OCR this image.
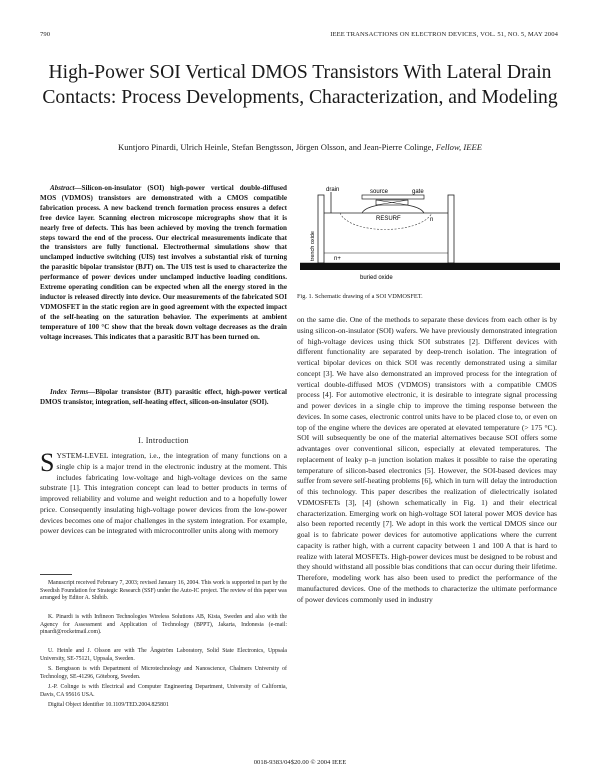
790	IEEE TRANSACTIONS ON ELECTRON DEVICES, VOL. 51, NO. 5, MAY 2004
High-Power SOI Vertical DMOS Transistors With Lateral Drain Contacts: Process Developments, Characterization, and Modeling
Kuntjoro Pinardi, Ulrich Heinle, Stefan Bengtsson, Jörgen Olsson, and Jean-Pierre Colinge, Fellow, IEEE

Abstract—Silicon-on-insulator (SOI) high-power vertical double-diffused MOS (VDMOS) transistors are demonstrated with a CMOS compatible fabrication process. A new backend trench formation process ensures a defect free device layer. Scanning electron microscope micrographs show that it is nearly free of defects. This has been achieved by moving the trench formation steps toward the end of the process. Our electrical measurements indicate that the transistors are fully functional. Electrothermal simulations show that unclamped inductive switching (UIS) test involves a substantial risk of turning the parasitic bipolar transistor (BJT) on. The UIS test is used to characterize the performance of power devices under unclamped inductive loading conditions. Extreme operating condition can be expected when all the energy stored in the inductor is released directly into device. Our measurements of the fabricated SOI VDMOSFET in the static region are in good agreement with the expected impact of the self-heating on the saturation behavior. The experiments at ambient temperature of 100 °C show that the break down voltage decreases as the drain voltage increases. This indicates that a parasitic BJT has been turned on.

Index Terms—Bipolar transistor (BJT) parasitic effect, high-power vertical DMOS transistor, integration, self-heating effect, silicon-on-insulator (SOI).

I. Introduction

SYSTEM-LEVEL integration, i.e., the integration of many functions on a single chip is a major trend in the electronic industry at the moment. This includes fabricating low-voltage and high-voltage devices on the same substrate [1]. This integration concept can lead to better products in terms of improved reliability and volume and weight reduction and to a hopefully lower price. Consequently insulating high-voltage power devices from the low-power devices becomes one of major challenges in the system integration. For example, power devices can be integrated with microcontroller units along with memory

Manuscript received February 7, 2003; revised January 16, 2004. This work is supported in part by the Swedish Foundation for Strategic Research (SSF) under the Auto-IC project. The review of this paper was arranged by Editor A. Shibib.

K. Pinardi is with Infineon Technologies Wireless Solutions AB, Kista, Sweden and also with the Agency for Assessment and Application of Technology (BPPT), Jakarta, Indonesia (e-mail: pinardi@rocketmail.com).

U. Heinle and J. Olsson are with The Ångström Laboratory, Solid State Electronics, Uppsala University, SE-75121, Uppsala, Sweden.

S. Bengtsson is with Department of Microtechnology and Nanoscience, Chalmers University of Technology, SE-41296, Göteborg, Sweden.

J.-P. Colinge is with Electrical and Computer Engineering Department, University of California, Davis, CA 95616 USA.

Digital Object Identifier 10.1109/TED.2004.825801

drain	source	gate
RESURF	n
n+
buried oxide
trench oxide
Fig. 1. Schematic drawing of a SOI VDMOSFET.

on the same die. One of the methods to separate these devices from each other is by using silicon-on-insulator (SOI) wafers. We have previously demonstrated integration of high-voltage devices using thick SOI substrates [2]. Different devices with different functionality are separated by deep-trench isolation. The integration of vertical bipolar devices on thick SOI was recently demonstrated using a similar concept [3]. We have also demonstrated an improved process for the integration of vertical double-diffused MOS (VDMOS) transistors with a compatible CMOS process [4]. For automotive electronic, it is desirable to integrate signal processing and power devices in a single chip to improve the timing response between the devices. In some cases, electronic control units have to be placed close to, or even on top of the engine where the devices are operated at elevated temperature (> 175 °C). SOI will subsequently be one of the material alternatives because SOI offers some advantages over conventional silicon, especially at elevated temperatures. The replacement of leaky p–n junction isolation makes it possible to raise the operating temperature of silicon-based electronics [5]. However, the SOI-based devices may suffer from severe self-heating problems [6], which in turn will delay the introduction of this technology. This paper describes the realization of dielectrically isolated VDMOSFETs [3], [4] (shown schematically in Fig. 1) and their electrical characterization. Emerging work on high-voltage SOI lateral power MOS device has also been reported recently [7]. We adopt in this work the vertical DMOS since our goal is to fabricate power devices for automotive applications where the current capacity is rather high, with a current capacity between 1 and 100 A that is hard to realize with lateral MOSFETs. High-power devices must be designed to be robust and they should withstand all possible bias conditions that can occur during their lifetime. Therefore, modeling work has also been used to predict the performance of the manufactured devices. One of the methods to characterize the ultimate performance of power devices commonly used in industry

0018-9383/04$20.00 © 2004 IEEE
